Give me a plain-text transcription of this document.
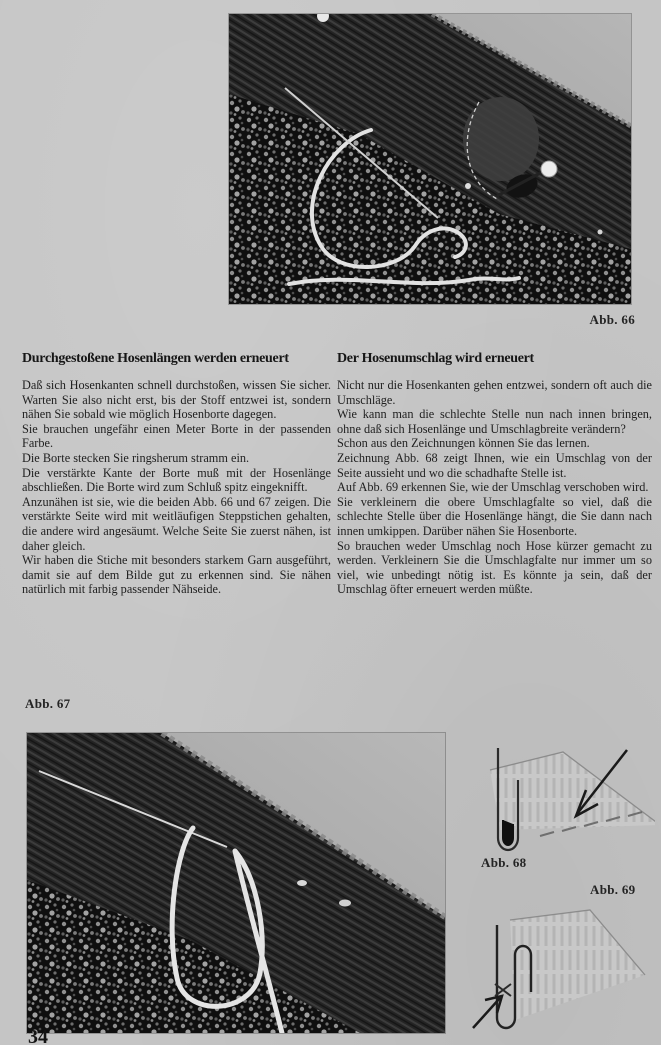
Abb. 66
Durchgestoßene Hosenlängen werden erneuert

Daß sich Hosenkanten schnell durchstoßen, wissen Sie sicher. Warten Sie also nicht erst, bis der Stoff entzwei ist, sondern nähen Sie sobald wie möglich Hosenborte dagegen.

Sie brauchen ungefähr einen Meter Borte in der passenden Farbe.

Die Borte stecken Sie ringsherum stramm ein.

Die verstärkte Kante der Borte muß mit der Hosenlänge abschließen. Die Borte wird zum Schluß spitz eingeknifft.

Anzunähen ist sie, wie die beiden Abb. 66 und 67 zeigen. Die verstärkte Seite wird mit weitläufigen Steppstichen gehalten, die andere wird angesäumt. Welche Seite Sie zuerst nähen, ist daher gleich.

Wir haben die Stiche mit besonders starkem Garn ausgeführt, damit sie auf dem Bilde gut zu erkennen sind. Sie nähen natürlich mit farbig passender Nähseide.

Der Hosenumschlag wird erneuert

Nicht nur die Hosenkanten gehen entzwei, sondern oft auch die Umschläge.

Wie kann man die schlechte Stelle nun nach innen bringen, ohne daß sich Hosenlänge und Umschlagbreite verändern?

Schon aus den Zeichnungen können Sie das lernen.

Zeichnung Abb. 68 zeigt Ihnen, wie ein Umschlag von der Seite aussieht und wo die schadhafte Stelle ist.

Auf Abb. 69 erkennen Sie, wie der Umschlag verschoben wird.

Sie verkleinern die obere Umschlagfalte so viel, daß die schlechte Stelle über die Hosenlänge hängt, die Sie dann nach innen umkippen. Darüber nähen Sie Hosenborte.

So brauchen weder Umschlag noch Hose kürzer gemacht zu werden. Verkleinern Sie die Umschlagfalte nur immer um so viel, wie unbedingt nötig ist. Es könnte ja sein, daß der Umschlag öfter erneuert werden müßte.

Abb. 67
Abb. 68
Abb. 69
34
